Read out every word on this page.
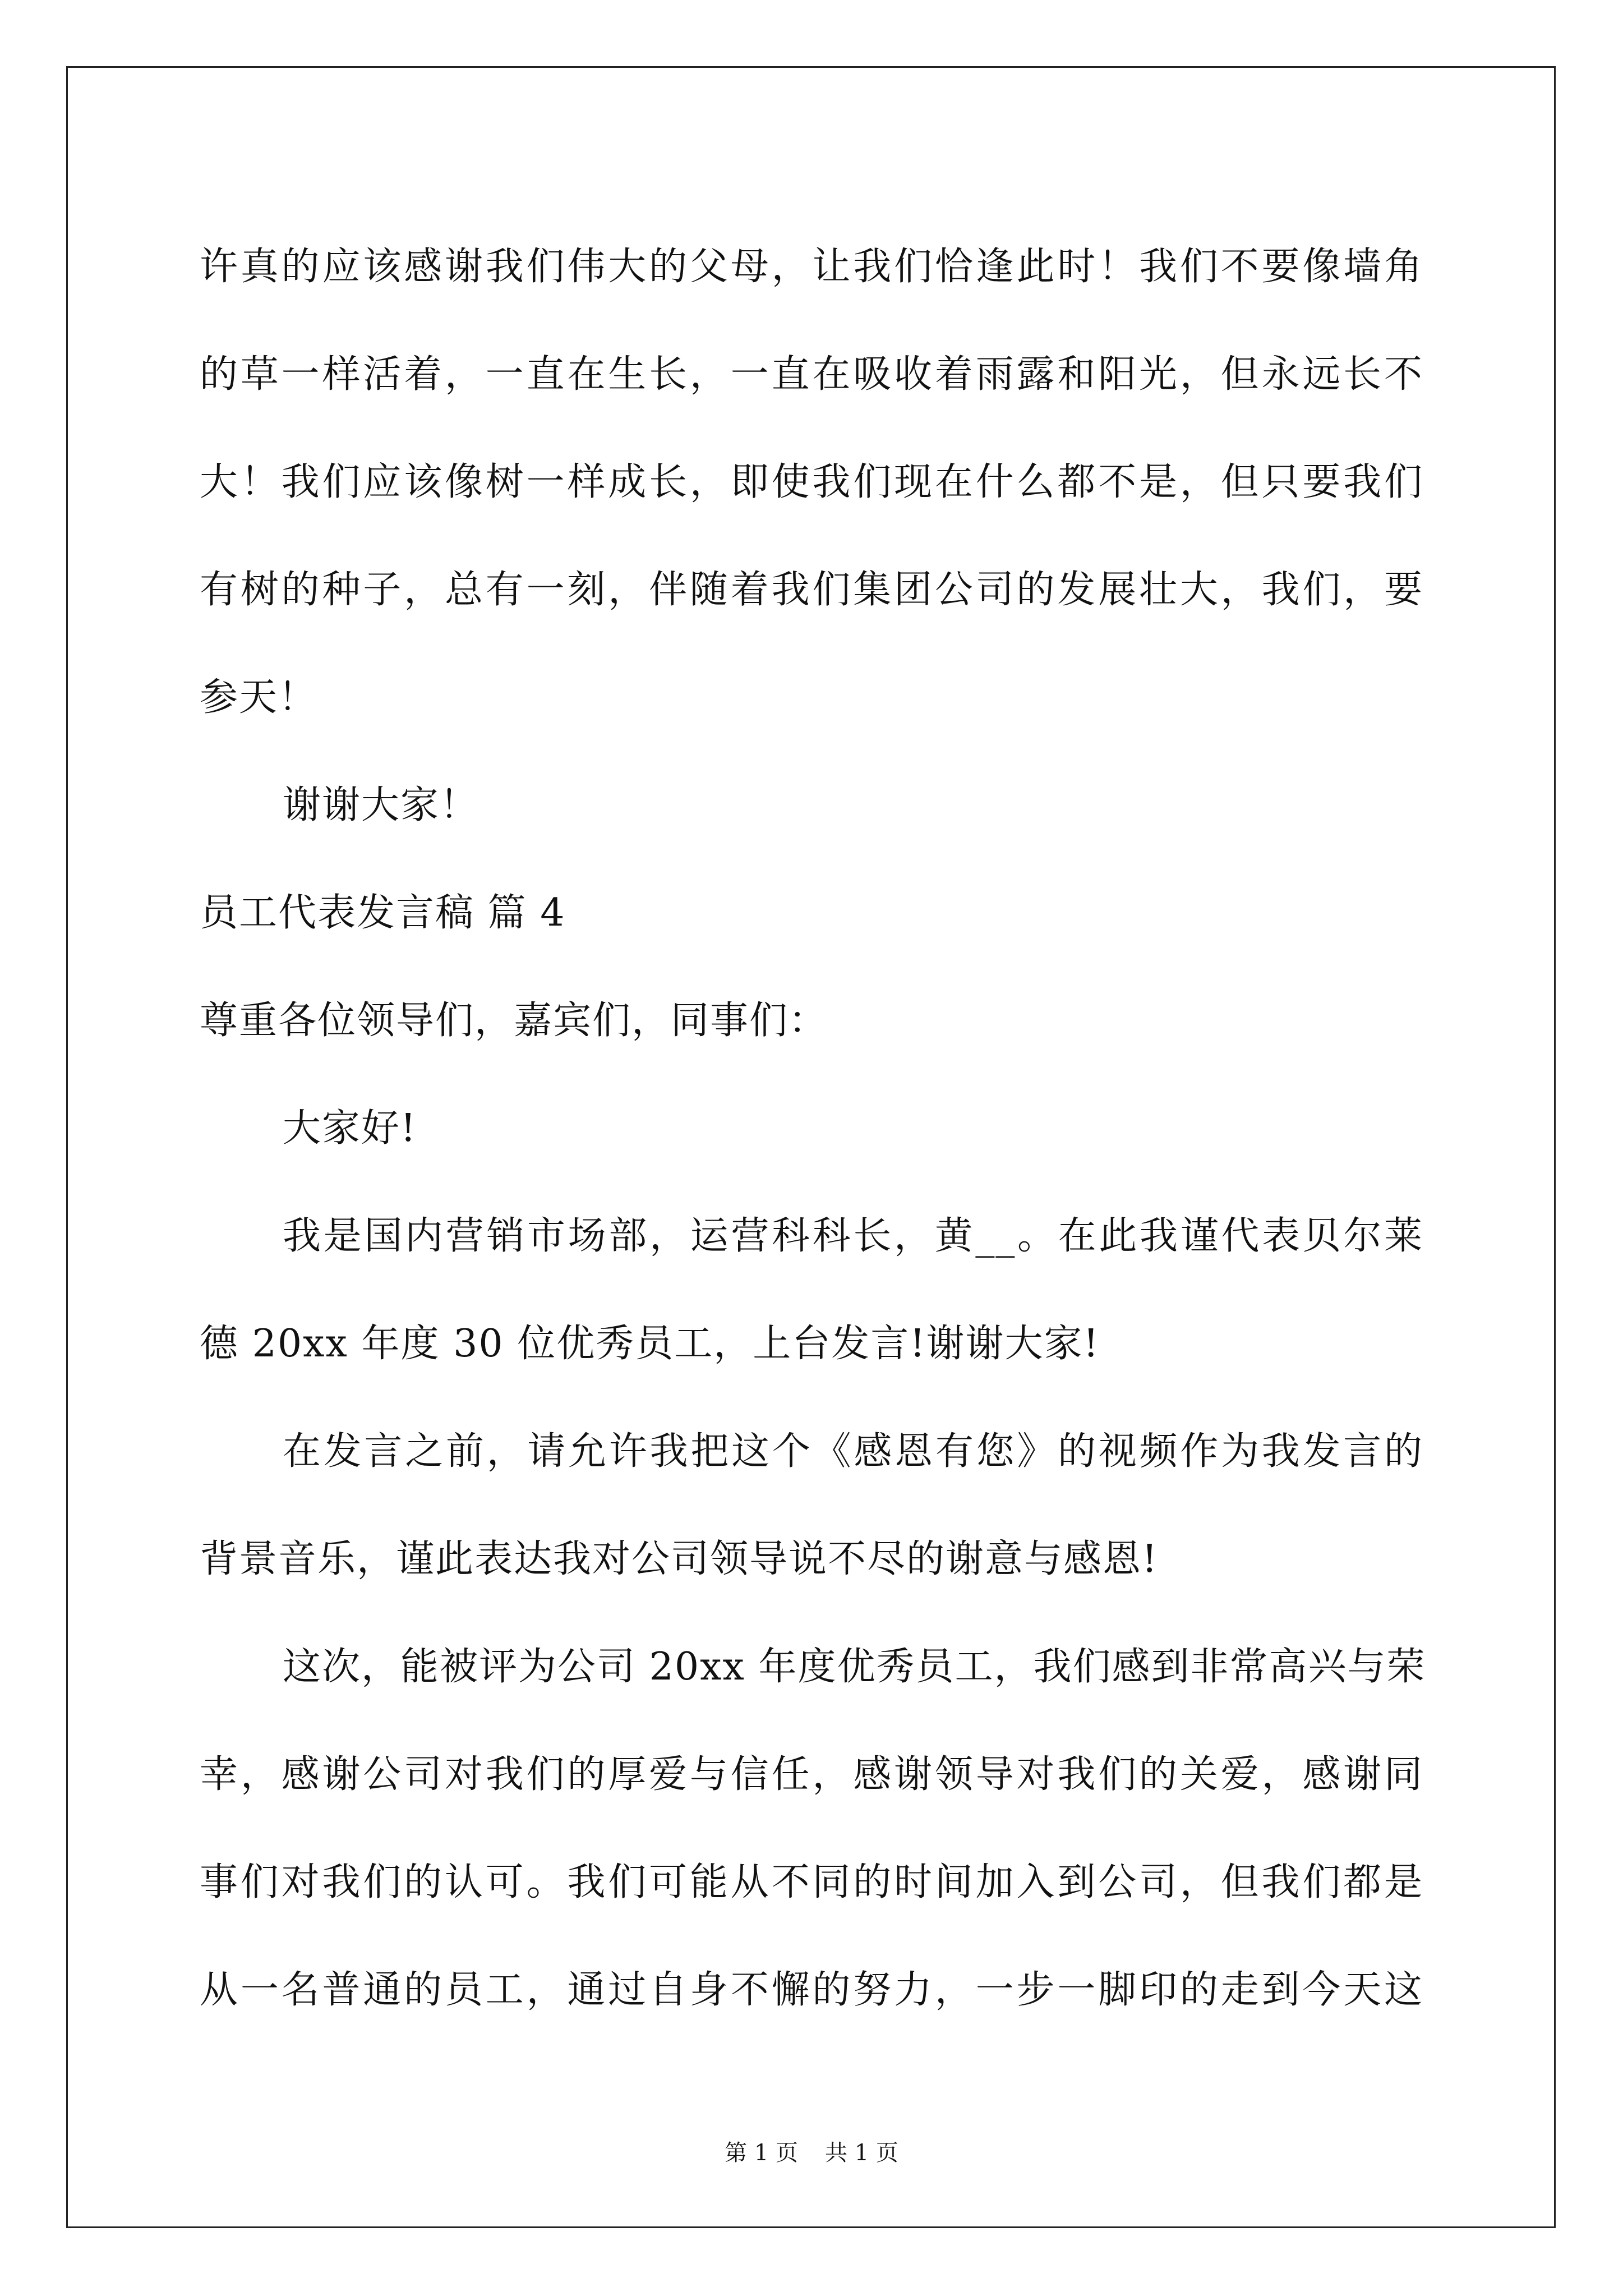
许真的应该感谢我们伟大的父母，让我们恰逢此时！我们不要像墙角
的草一样活着，一直在生长，一直在吸收着雨露和阳光，但永远长不
大！我们应该像树一样成长，即使我们现在什么都不是，但只要我们
有树的种子，总有一刻，伴随着我们集团公司的发展壮大，我们，要
参天！
谢谢大家！
员工代表发言稿 篇 4
尊重各位领导们，嘉宾们，同事们：
大家好!
我是国内营销市场部，运营科科长，黄__。在此我谨代表贝尔莱
德 20xx 年度 30 位优秀员工，上台发言!谢谢大家!
在发言之前，请允许我把这个《感恩有您》的视频作为我发言的
背景音乐，谨此表达我对公司领导说不尽的谢意与感恩!
这次，能被评为公司 20xx 年度优秀员工，我们感到非常高兴与荣
幸，感谢公司对我们的厚爱与信任，感谢领导对我们的关爱，感谢同
事们对我们的认可。我们可能从不同的时间加入到公司，但我们都是
从一名普通的员工，通过自身不懈的努力，一步一脚印的走到今天这
第 1 页 共 1 页
